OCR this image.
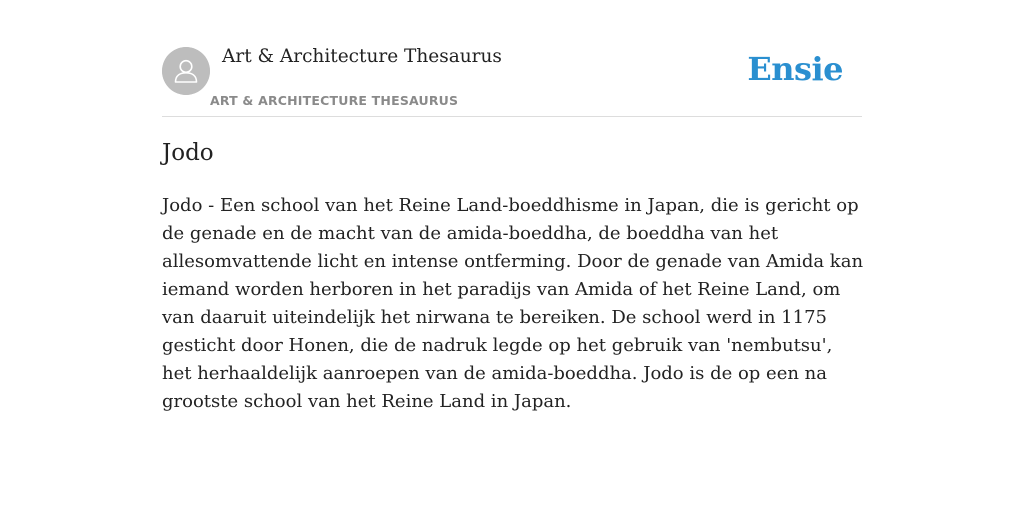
Art & Architecture Thesaurus
ART & ARCHITECTURE THESAURUS
Ensie
Jodo

Jodo - Een school van het Reine Land-boeddhisme in Japan, die is gericht op de genade en de macht van de amida-boeddha, de boeddha van het allesomvattende licht en intense ontferming. Door de genade van Amida kan iemand worden herboren in het paradijs van Amida of het Reine Land, om van daaruit uiteindelijk het nirwana te bereiken. De school werd in 1175 gesticht door Honen, die de nadruk legde op het gebruik van 'nembutsu', het herhaaldelijk aanroepen van de amida-boeddha. Jodo is de op een na grootste school van het Reine Land in Japan.
